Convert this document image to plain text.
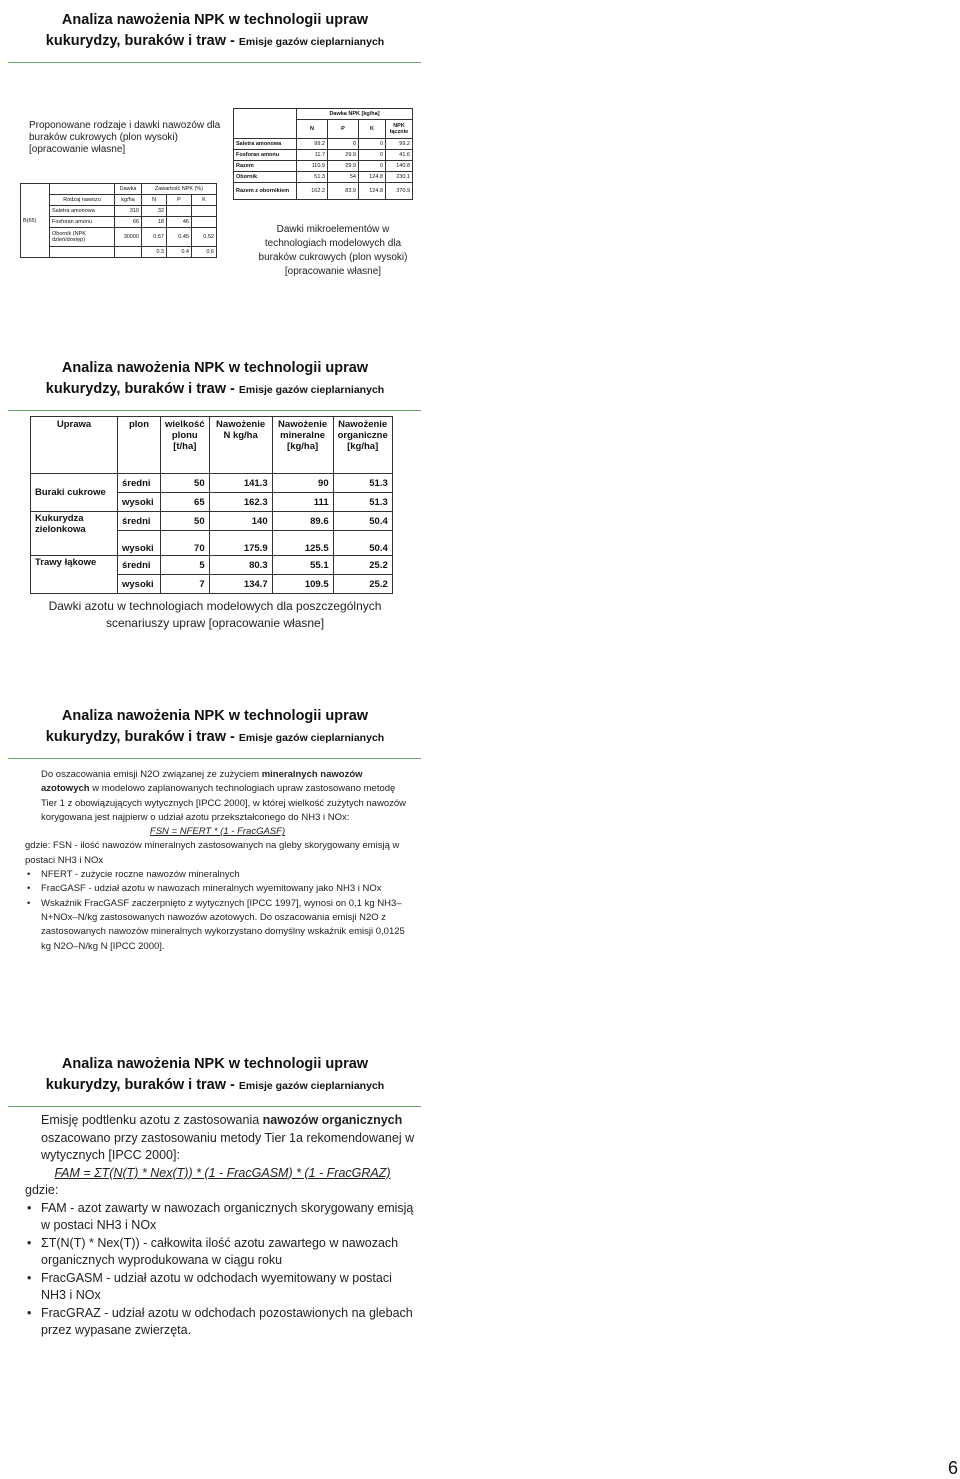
Analiza nawożenia NPK w technologii upraw
kukurydzy, buraków i traw - Emisje gazów cieplarnianych
Proponowane rodzaje i dawki nawozów dla buraków cukrowych (plon wysoki) [opracowanie własne]
B(65)		Dawka	Zawartość NPK (%)		
	Rodzaj nawozu	kg/ha	N	P	K
	Saletra amonowa	310	32		
	Fosforan amonu	66	18	46	
	Obornik (NPK dzień/dostęp)	30000	0.57	0.45	0.52
			0.3	0.4	0.6
	Dawka NPK [kg/ha]			
	N	P	K	NPK łącznie
Saletra amonowa	99.2	0	0	99.2
Fosforan amonu	11.7	29.9	0	41.6
Razem	110.9	29.9	0	140.8
Obornik	51.3	54	124.8	230.1
Razem z obornikiem	162.2	83.9	124.8	370.9
Dawki mikroelementów w technologiach modelowych dla buraków cukrowych (plon wysoki) [opracowanie własne]
Analiza nawożenia NPK w technologii upraw
kukurydzy, buraków i traw - Emisje gazów cieplarnianych
Uprawa	plon	wielkość plonu [t/ha]	Nawożenie N kg/ha	Nawożenie mineralne [kg/ha]	Nawożenie organiczne [kg/ha]
Buraki cukrowe	średni	50	141.3	90	51.3
	wysoki	65	162.3	111	51.3
Kukurydza zielonkowa	średni	50	140	89.6	50.4
	wysoki	70	175.9	125.5	50.4
Trawy łąkowe	średni	5	80.3	55.1	25.2
	wysoki	7	134.7	109.5	25.2
Dawki azotu w technologiach modelowych dla poszczególnych
scenariuszy upraw [opracowanie własne]
Analiza nawożenia NPK w technologii upraw
kukurydzy, buraków i traw - Emisje gazów cieplarnianych

Do oszacowania emisji N2O związanej ze zużyciem mineralnych nawozów azotowych w modelowo zaplanowanych technologiach upraw zastosowano metodę Tier 1 z obowiązujących wytycznych [IPCC 2000], w której wielkość zużytych nawozów korygowana jest najpierw o udział azotu przekształconego do NH3 i NOx:

FSN = NFERT * (1 - FracGASF)

gdzie: FSN - ilość nawozów mineralnych zastosowanych na gleby skorygowany emisją w postaci NH3 i NOx

• NFERT - zużycie roczne nawozów mineralnych

• FracGASF - udział azotu w nawozach mineralnych wyemitowany jako NH3 i NOx

• Wskaźnik FracGASF zaczerpnięto z wytycznych [IPCC 1997], wynosi on 0,1 kg NH3–N+NOx–N/kg zastosowanych nawozów azotowych. Do oszacowania emisji N2O z zastosowanych nawozów mineralnych wykorzystano domyślny wskaźnik emisji 0,0125 kg N2O–N/kg N [IPCC 2000].

Analiza nawożenia NPK w technologii upraw
kukurydzy, buraków i traw - Emisje gazów cieplarnianych

Emisję podtlenku azotu z zastosowania nawozów organicznych oszacowano przy zastosowaniu metody Tier 1a rekomendowanej w wytycznych [IPCC 2000]:

FAM = ΣT(N(T) * Nex(T)) * (1 - FracGASM) * (1 - FracGRAZ)

gdzie:

• FAM - azot zawarty w nawozach organicznych skorygowany emisją w postaci NH3 i NOx

• ΣT(N(T) * Nex(T)) - całkowita ilość azotu zawartego w nawozach organicznych wyprodukowana w ciągu roku

• FracGASM - udział azotu w odchodach wyemitowany w postaci NH3 i NOx

• FracGRAZ - udział azotu w odchodach pozostawionych na glebach przez wypasane zwierzęta.

6
